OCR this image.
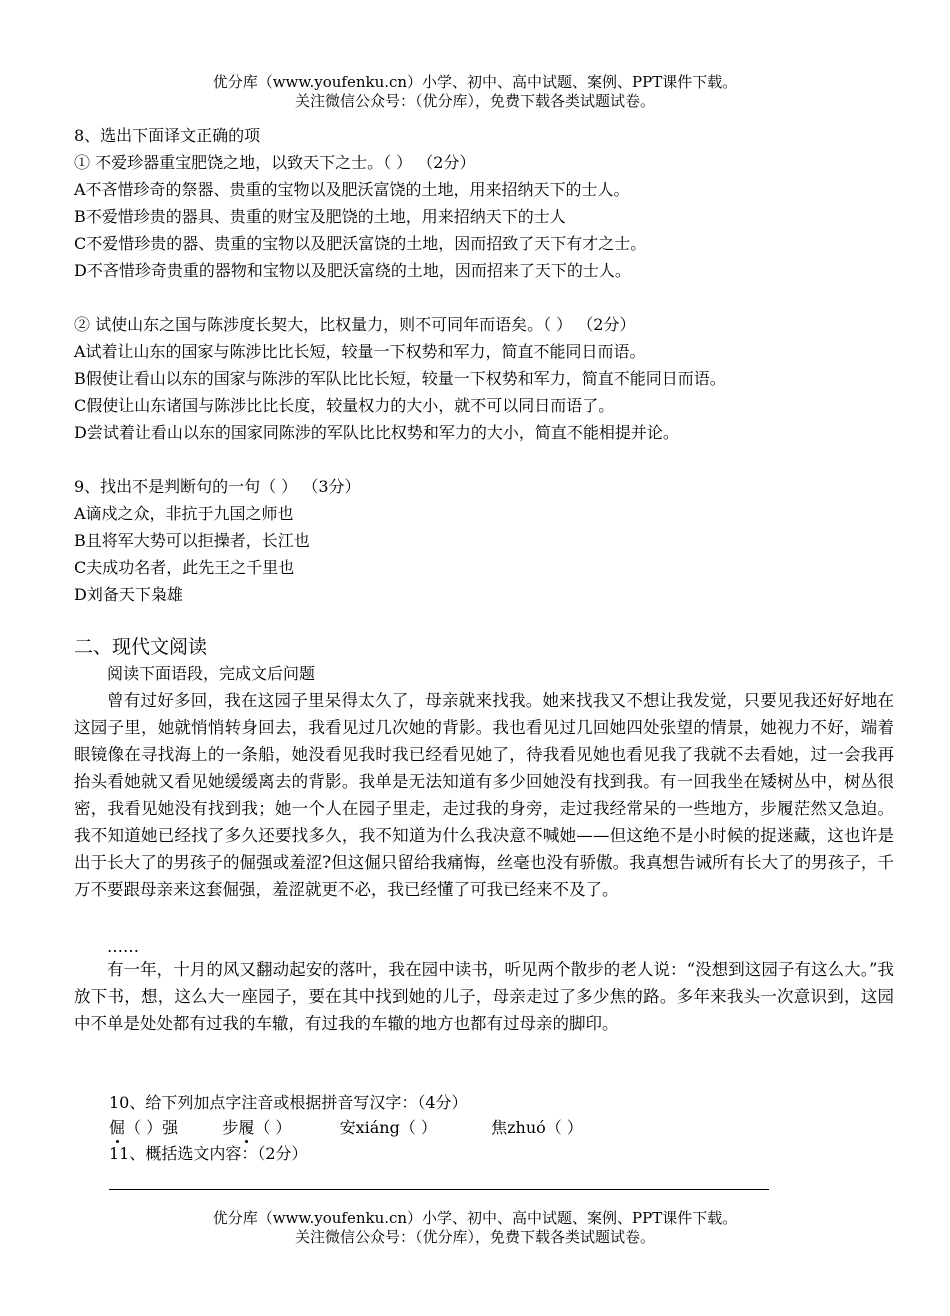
优分库（www.youfenku.cn）小学、初中、高中试题、案例、PPT课件下载。
关注微信公众号：（优分库），免费下载各类试题试卷。
8、选出下面译文正确的项
① 不爱珍器重宝肥饶之地，以致天下之士。（ ） （2分）
A不吝惜珍奇的祭器、贵重的宝物以及肥沃富饶的土地，用来招纳天下的士人。
B不爱惜珍贵的器具、贵重的财宝及肥饶的土地，用来招纳天下的士人
C不爱惜珍贵的器、贵重的宝物以及肥沃富饶的土地，因而招致了天下有才之士。
D不吝惜珍奇贵重的器物和宝物以及肥沃富绕的土地，因而招来了天下的士人。
② 试使山东之国与陈涉度长契大，比权量力，则不可同年而语矣。（ ） （2分）
A试着让山东的国家与陈涉比比长短，较量一下权势和军力，简直不能同日而语。
B假使让看山以东的国家与陈涉的军队比比长短，较量一下权势和军力，简直不能同日而语。
C假使让山东诸国与陈涉比比长度，较量权力的大小，就不可以同日而语了。
D尝试着让看山以东的国家同陈涉的军队比比权势和军力的大小，简直不能相提并论。
9、找出不是判断句的一句（ ） （3分）
A谪戍之众，非抗于九国之师也
B且将军大势可以拒操者，长江也
C夫成功名者，此先王之千里也
D刘备天下枭雄
二、现代文阅读
阅读下面语段，完成文后问题
曾有过好多回，我在这园子里呆得太久了，母亲就来找我。她来找我又不想让我发觉，只要见我还好好地在这园子里，她就悄悄转身回去，我看见过几次她的背影。我也看见过几回她四处张望的情景，她视力不好，端着眼镜像在寻找海上的一条船，她没看见我时我已经看见她了，待我看见她也看见我了我就不去看她，过一会我再抬头看她就又看见她缓缓离去的背影。我单是无法知道有多少回她没有找到我。有一回我坐在矮树丛中，树丛很密，我看见她没有找到我；她一个人在园子里走，走过我的身旁，走过我经常呆的一些地方，步履茫然又急迫。我不知道她已经找了多久还要找多久，我不知道为什么我决意不喊她——但这绝不是小时候的捉迷藏，这也许是出于长大了的男孩子的倔强或羞涩?但这倔只留给我痛悔，丝毫也没有骄傲。我真想告诫所有长大了的男孩子，千万不要跟母亲来这套倔强，羞涩就更不必，我已经懂了可我已经来不及了。
……
有一年，十月的风又翻动起安的落叶，我在园中读书，听见两个散步的老人说：“没想到这园子有这么大。”我放下书，想，这么大一座园子，要在其中找到她的儿子，母亲走过了多少焦的路。多年来我头一次意识到，这园中不单是处处都有过我的车辙，有过我的车辙的地方也都有过母亲的脚印。
10、给下列加点字注音或根据拼音写汉字：（4分）
倔（ ）强	步履（ ）	安xiáng（ ）	焦zhuó（ ）
11、概括选文内容：（2分）
优分库（www.youfenku.cn）小学、初中、高中试题、案例、PPT课件下载。
关注微信公众号：（优分库），免费下载各类试题试卷。
